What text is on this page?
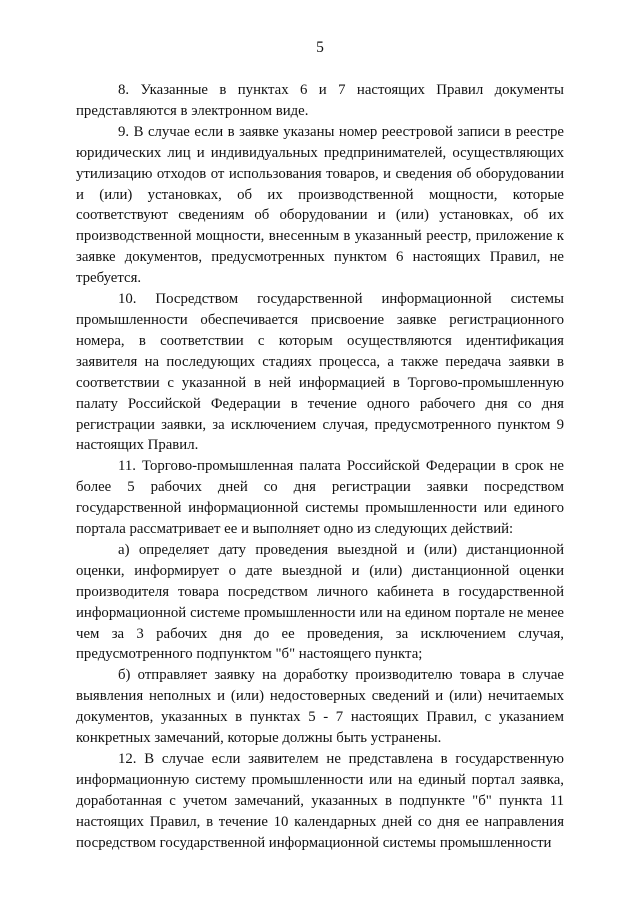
5

8. Указанные в пунктах 6 и 7 настоящих Правил документы представляются в электронном виде.

9. В случае если в заявке указаны номер реестровой записи в реестре юридических лиц и индивидуальных предпринимателей, осуществляющих утилизацию отходов от использования товаров, и сведения об оборудовании и (или) установках, об их производственной мощности, которые соответствуют сведениям об оборудовании и (или) установках, об их производственной мощности, внесенным в указанный реестр, приложение к заявке документов, предусмотренных пунктом 6 настоящих Правил, не требуется.

10. Посредством государственной информационной системы промышленности обеспечивается присвоение заявке регистрационного номера, в соответствии с которым осуществляются идентификация заявителя на последующих стадиях процесса, а также передача заявки в соответствии с указанной в ней информацией в Торгово-промышленную палату Российской Федерации в течение одного рабочего дня со дня регистрации заявки, за исключением случая, предусмотренного пунктом 9 настоящих Правил.

11. Торгово-промышленная палата Российской Федерации в срок не более 5 рабочих дней со дня регистрации заявки посредством государственной информационной системы промышленности или единого портала рассматривает ее и выполняет одно из следующих действий:

а) определяет дату проведения выездной и (или) дистанционной оценки, информирует о дате выездной и (или) дистанционной оценки производителя товара посредством личного кабинета в государственной информационной системе промышленности или на едином портале не менее чем за 3 рабочих дня до ее проведения, за исключением случая, предусмотренного подпунктом "б" настоящего пункта;

б) отправляет заявку на доработку производителю товара в случае выявления неполных и (или) недостоверных сведений и (или) нечитаемых документов, указанных в пунктах 5 - 7 настоящих Правил, с указанием конкретных замечаний, которые должны быть устранены.

12. В случае если заявителем не представлена в государственную информационную систему промышленности или на единый портал заявка, доработанная с учетом замечаний, указанных в подпункте "б" пункта 11 настоящих Правил, в течение 10 календарных дней со дня ее направления посредством государственной информационной системы промышленности
